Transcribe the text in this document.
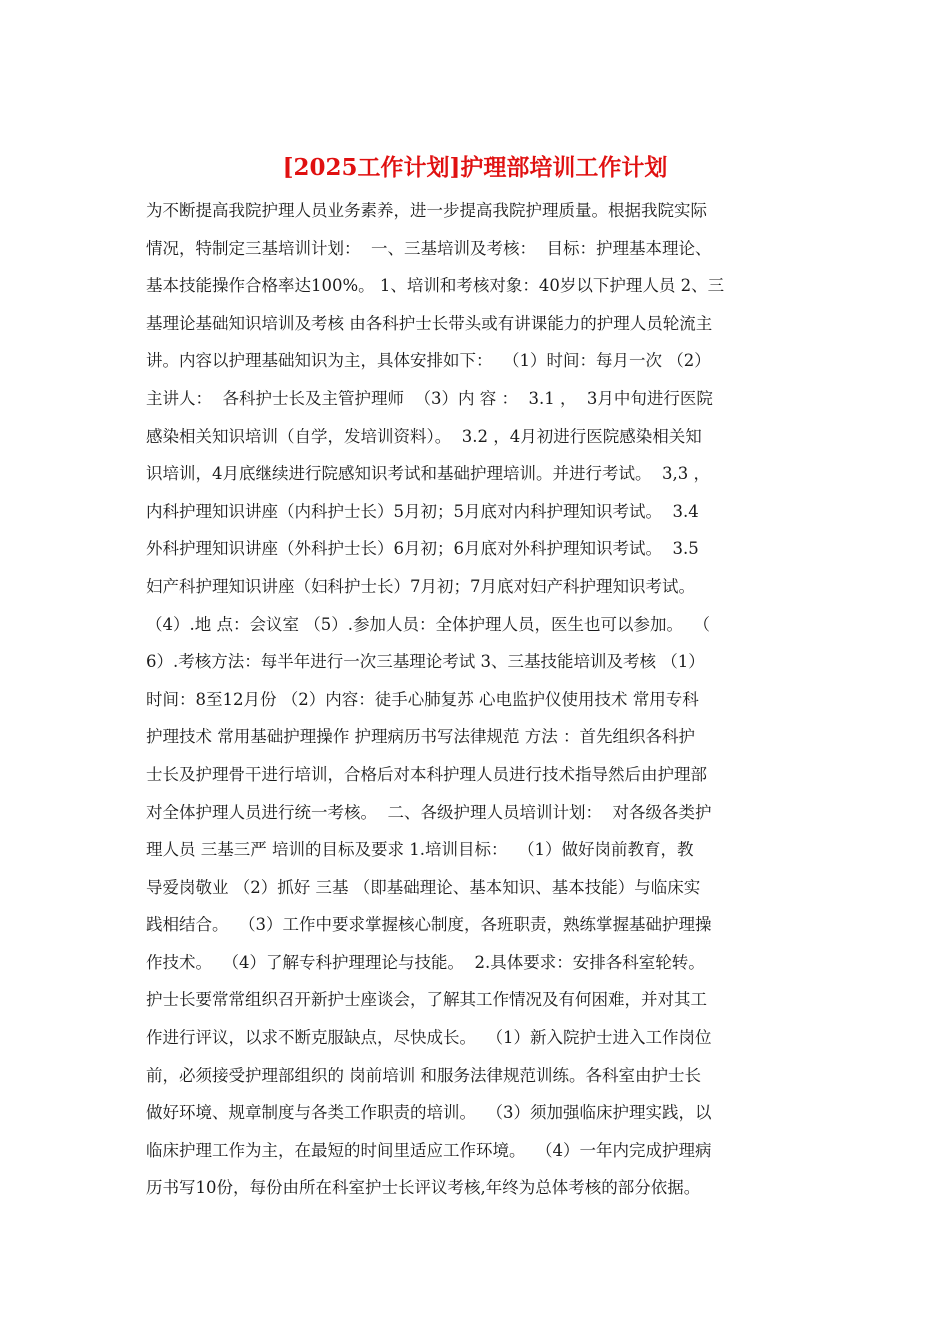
[2025工作计划]护理部培训工作计划
为不断提高我院护理人员业务素养，进一步提高我院护理质量。根据我院实际
情况，特制定三基培训计划：  一、三基培训及考核：  目标：护理基本理论、
基本技能操作合格率达100%。 1、培训和考核对象：40岁以下护理人员 2、三
基理论基础知识培训及考核 由各科护士长带头或有讲课能力的护理人员轮流主
讲。内容以护理基础知识为主，具体安排如下：  （1）时间：每月一次 （2）
主讲人：  各科护士长及主管护理师  （3）内 容 ：  3.1 ，  3月中旬进行医院
感染相关知识培训（自学，发培训资料）。  3.2 ，4月初进行医院感染相关知
识培训，4月底继续进行院感知识考试和基础护理培训。并进行考试。  3,3 ，
内科护理知识讲座（内科护士长）5月初；5月底对内科护理知识考试。  3.4
外科护理知识讲座（外科护士长）6月初；6月底对外科护理知识考试。  3.5
妇产科护理知识讲座（妇科护士长）7月初；7月底对妇产科护理知识考试。
（4）.地 点：会议室 （5）.参加人员：全体护理人员，医生也可以参加。  （
6）.考核方法：每半年进行一次三基理论考试 3、三基技能培训及考核 （1）
时间：8至12月份 （2）内容：徒手心肺复苏 心电监护仪使用技术 常用专科
护理技术 常用基础护理操作 护理病历书写法律规范 方法 ：首先组织各科护
士长及护理骨干进行培训，合格后对本科护理人员进行技术指导然后由护理部
对全体护理人员进行统一考核。  二、各级护理人员培训计划：  对各级各类护
理人员 三基三严 培训的目标及要求 1.培训目标：  （1）做好岗前教育，教
导爱岗敬业 （2）抓好 三基 （即基础理论、基本知识、基本技能）与临床实
践相结合。  （3）工作中要求掌握核心制度，各班职责，熟练掌握基础护理操
作技术。  （4）了解专科护理理论与技能。  2.具体要求：安排各科室轮转。
护士长要常常组织召开新护士座谈会，了解其工作情况及有何困难，并对其工
作进行评议，以求不断克服缺点，尽快成长。  （1）新入院护士进入工作岗位
前，必须接受护理部组织的 岗前培训 和服务法律规范训练。各科室由护士长
做好环境、规章制度与各类工作职责的培训。  （3）须加强临床护理实践，以
临床护理工作为主，在最短的时间里适应工作环境。  （4）一年内完成护理病
历书写10份，每份由所在科室护士长评议考核,年终为总体考核的部分依据。
